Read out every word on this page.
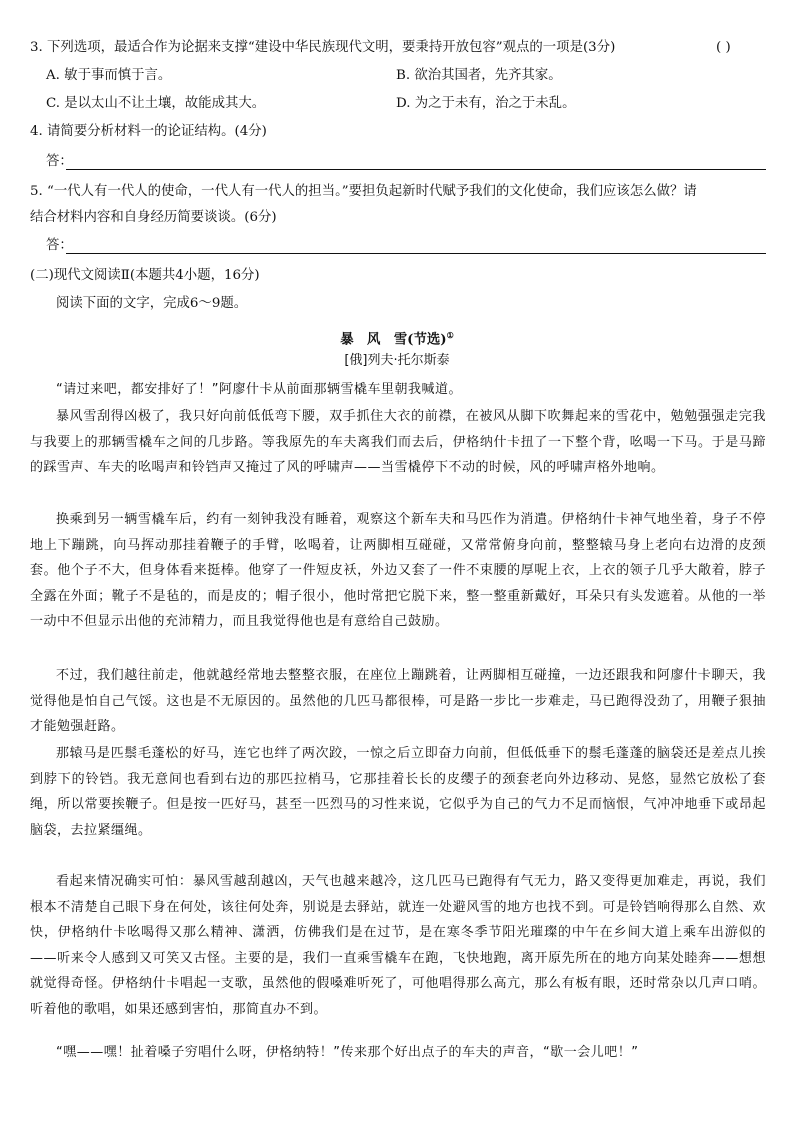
3. 下列选项，最适合作为论据来支撑“建设中华民族现代文明，要秉持开放包容”观点的一项是(3分)	( )
A. 敏于事而慎于言。	B. 欲治其国者，先齐其家。
C. 是以太山不让土壤，故能成其大。	D. 为之于未有，治之于未乱。
4. 请简要分析材料一的论证结构。(4分)
答：
5. “一代人有一代人的使命，一代人有一代人的担当。”要担负起新时代赋予我们的文化使命，我们应该怎么做？请
结合材料内容和自身经历简要谈谈。(6分)
答：
(二)现代文阅读Ⅱ(本题共4小题，16分)
阅读下面的文字，完成6～9题。
暴　风　雪(节选)①
[俄]列夫·托尔斯泰

“请过来吧，都安排好了！”阿廖什卡从前面那辆雪橇车里朝我喊道。

暴风雪刮得凶极了，我只好向前低低弯下腰，双手抓住大衣的前襟，在被风从脚下吹舞起来的雪花中，勉勉强强走完我与我要上的那辆雪橇车之间的几步路。等我原先的车夫离我们而去后，伊格纳什卡扭了一下整个背，吆喝一下马。于是马蹄的踩雪声、车夫的吆喝声和铃铛声又掩过了风的呼啸声——当雪橇停下不动的时候，风的呼啸声格外地响。

换乘到另一辆雪橇车后，约有一刻钟我没有睡着，观察这个新车夫和马匹作为消遣。伊格纳什卡神气地坐着，身子不停地上下蹦跳，向马挥动那挂着鞭子的手臂，吆喝着，让两脚相互碰碰，又常常俯身向前，整整辕马身上老向右边滑的皮颈套。他个子不大，但身体看来挺棒。他穿了一件短皮袄，外边又套了一件不束腰的厚呢上衣，上衣的领子几乎大敞着，脖子全露在外面；靴子不是毡的，而是皮的；帽子很小，他时常把它脱下来，整一整重新戴好，耳朵只有头发遮着。从他的一举一动中不但显示出他的充沛精力，而且我觉得他也是有意给自己鼓励。

不过，我们越往前走，他就越经常地去整整衣服，在座位上蹦跳着，让两脚相互碰撞，一边还跟我和阿廖什卡聊天，我觉得他是怕自己气馁。这也是不无原因的。虽然他的几匹马都很棒，可是路一步比一步难走，马已跑得没劲了，用鞭子狠抽才能勉强赶路。

那辕马是匹鬃毛蓬松的好马，连它也绊了两次跤，一惊之后立即奋力向前，但低低垂下的鬃毛蓬蓬的脑袋还是差点儿挨到脖下的铃铛。我无意间也看到右边的那匹拉梢马，它那挂着长长的皮缨子的颈套老向外边移动、晃悠，显然它放松了套绳，所以常要挨鞭子。但是按一匹好马，甚至一匹烈马的习性来说，它似乎为自己的气力不足而恼恨，气冲冲地垂下或昂起脑袋，去拉紧缰绳。

看起来情况确实可怕：暴风雪越刮越凶，天气也越来越冷，这几匹马已跑得有气无力，路又变得更加难走，再说，我们根本不清楚自己眼下身在何处，该往何处奔，别说是去驿站，就连一处避风雪的地方也找不到。可是铃铛响得那么自然、欢快，伊格纳什卡吆喝得又那么精神、潇洒，仿佛我们是在过节，是在寒冬季节阳光璀璨的中午在乡间大道上乘车出游似的——听来令人感到又可笑又古怪。主要的是，我们一直乘雪橇车在跑，飞快地跑，离开原先所在的地方向某处睦奔——想想就觉得奇怪。伊格纳什卡唱起一支歌，虽然他的假嗓难听死了，可他唱得那么高亢，那么有板有眼，还时常杂以几声口哨。听着他的歌唱，如果还感到害怕，那简直办不到。

“嘿——嘿！扯着嗓子穷唱什么呀，伊格纳特！”传来那个好出点子的车夫的声音，“歇一会儿吧！”
